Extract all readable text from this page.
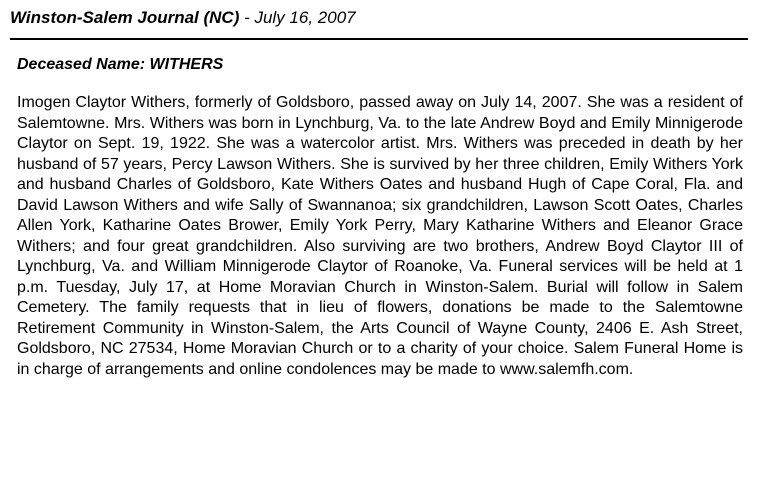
Winston-Salem Journal (NC) - July 16, 2007
Deceased Name: WITHERS
Imogen Claytor Withers, formerly of Goldsboro, passed away on July 14, 2007. She was a resident of Salemtowne. Mrs. Withers was born in Lynchburg, Va. to the late Andrew Boyd and Emily Minnigerode Claytor on Sept. 19, 1922. She was a watercolor artist. Mrs. Withers was preceded in death by her husband of 57 years, Percy Lawson Withers. She is survived by her three children, Emily Withers York and husband Charles of Goldsboro, Kate Withers Oates and husband Hugh of Cape Coral, Fla. and David Lawson Withers and wife Sally of Swannanoa; six grandchildren, Lawson Scott Oates, Charles Allen York, Katharine Oates Brower, Emily York Perry, Mary Katharine Withers and Eleanor Grace Withers; and four great grandchildren. Also surviving are two brothers, Andrew Boyd Claytor III of Lynchburg, Va. and William Minnigerode Claytor of Roanoke, Va. Funeral services will be held at 1 p.m. Tuesday, July 17, at Home Moravian Church in Winston-Salem. Burial will follow in Salem Cemetery. The family requests that in lieu of flowers, donations be made to the Salemtowne Retirement Community in Winston-Salem, the Arts Council of Wayne County, 2406 E. Ash Street, Goldsboro, NC 27534, Home Moravian Church or to a charity of your choice. Salem Funeral Home is in charge of arrangements and online condolences may be made to www.salemfh.com.
